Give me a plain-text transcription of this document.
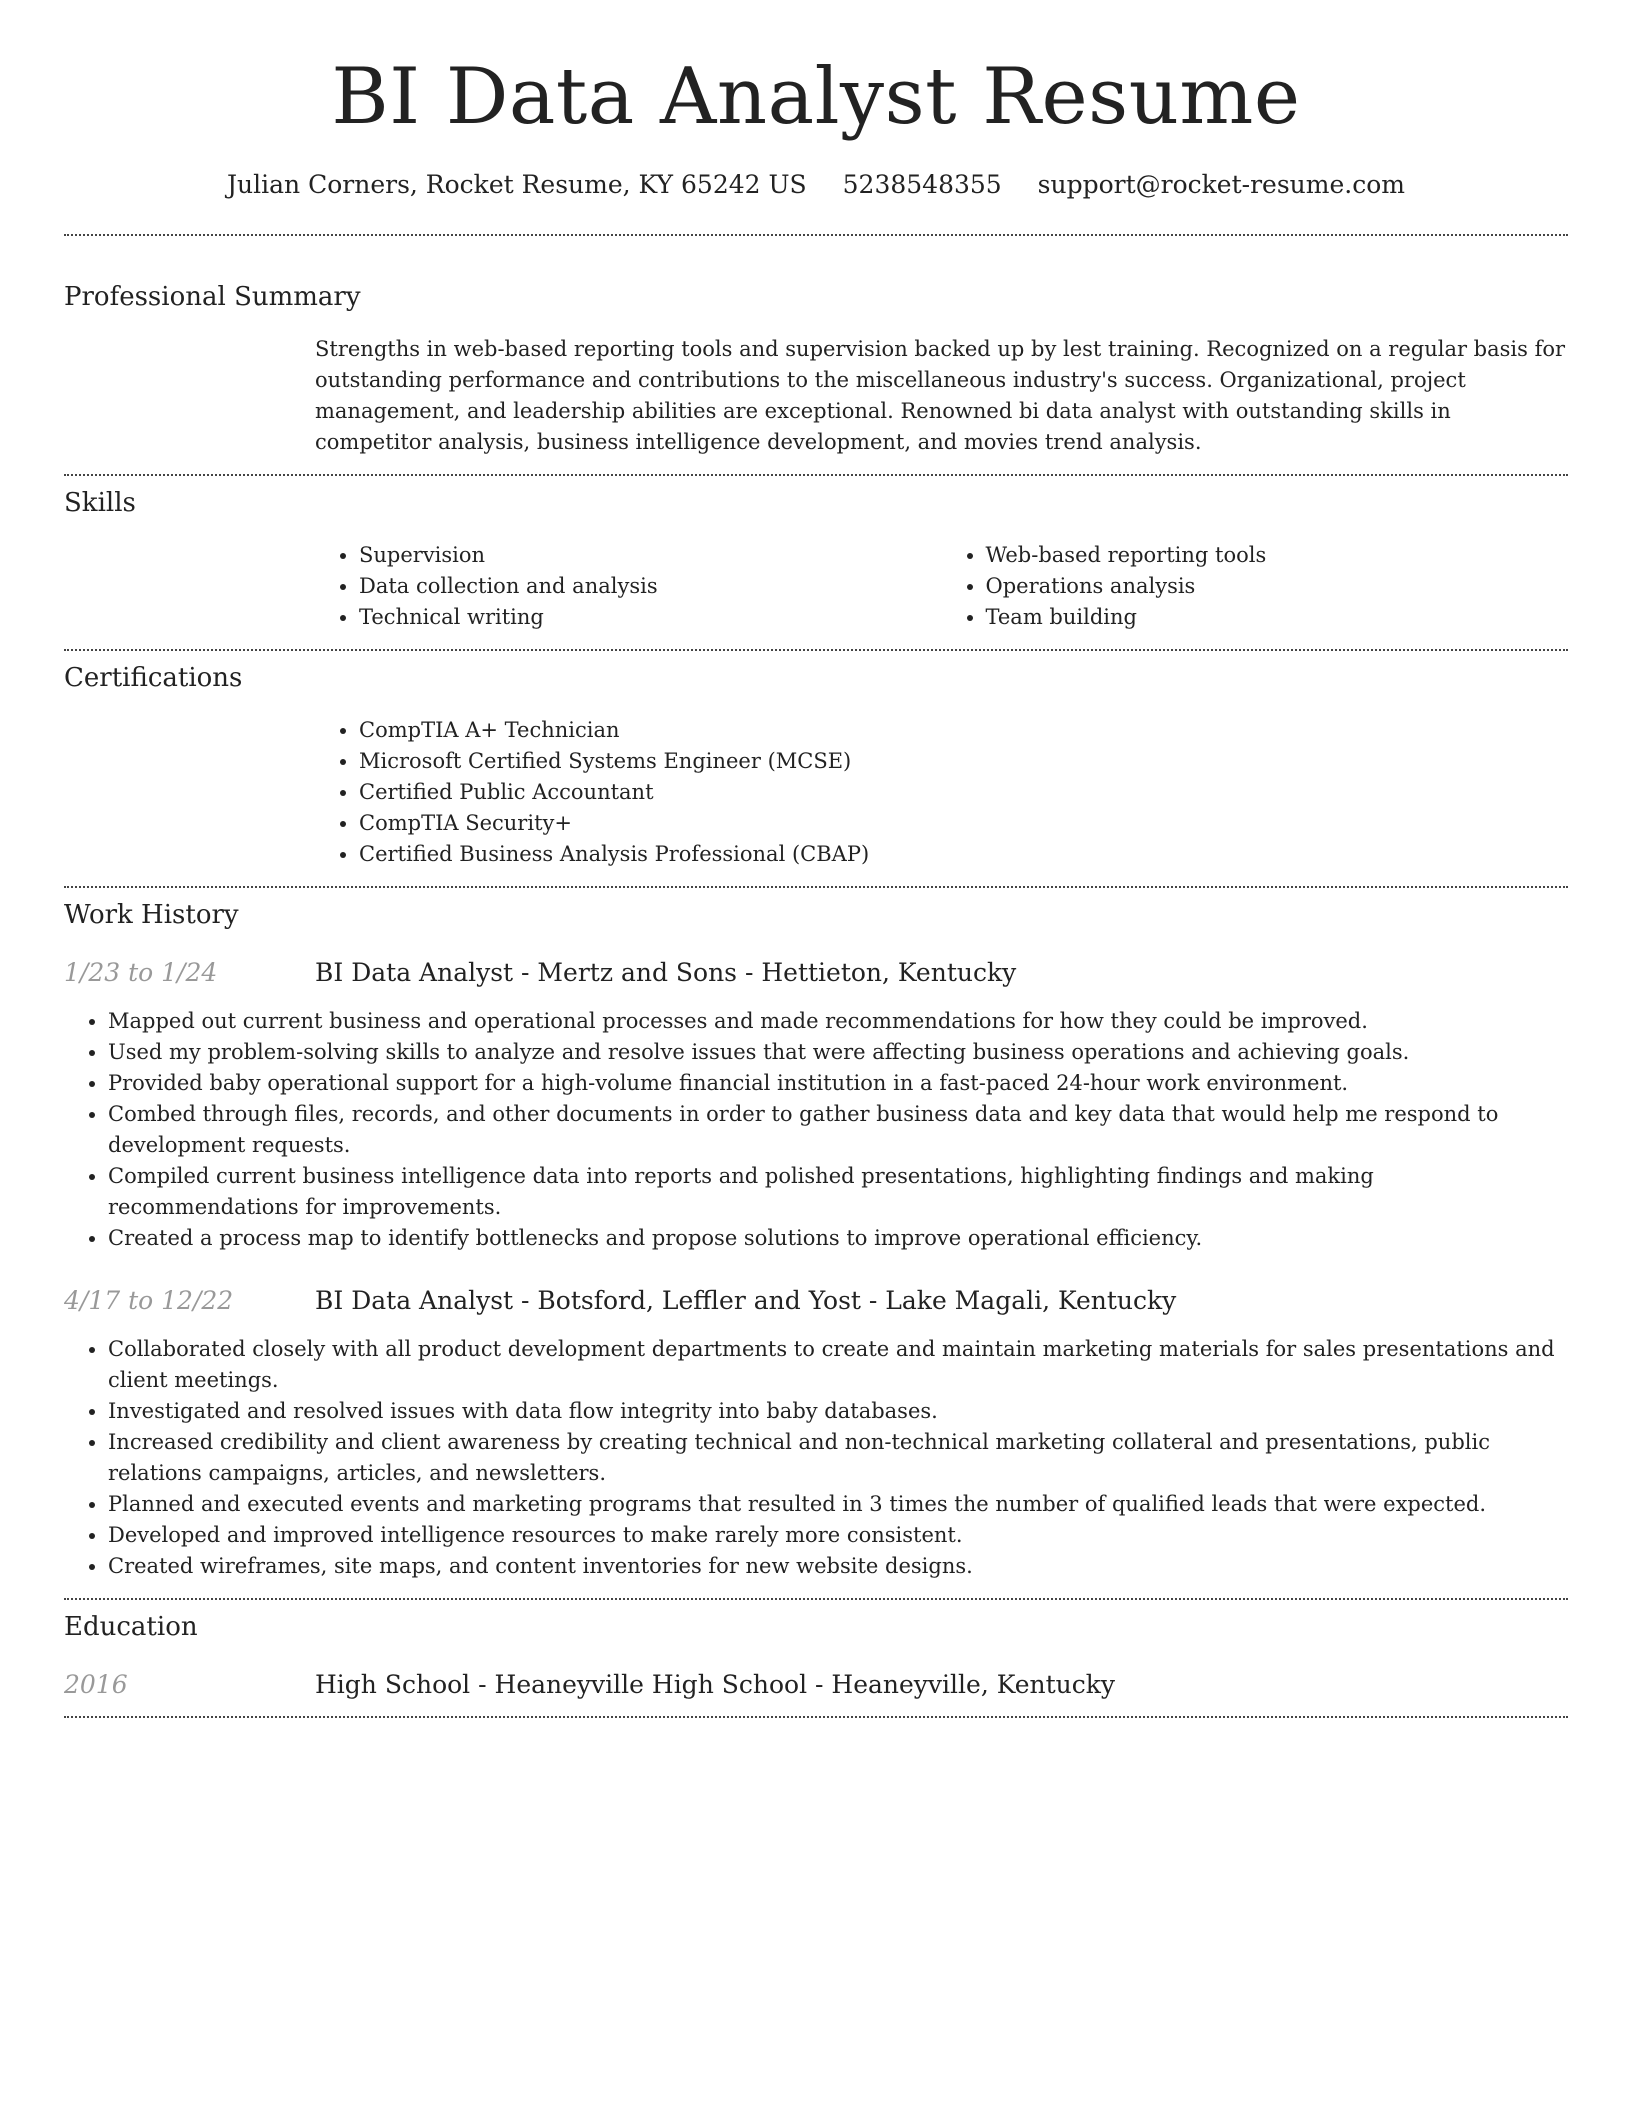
BI Data Analyst Resume
Julian Corners, Rocket Resume, KY 65242 US 5238548355 support@rocket-resume.com
Professional Summary

Strengths in web-based reporting tools and supervision backed up by lest training. Recognized on a regular basis for outstanding performance and contributions to the miscellaneous industry's success. Organizational, project management, and leadership abilities are exceptional. Renowned bi data analyst with outstanding skills in competitor analysis, business intelligence development, and movies trend analysis.

Skills
• Supervision
• Data collection and analysis
• Technical writing
• Web-based reporting tools
• Operations analysis
• Team building
Certifications
• CompTIA A+ Technician
• Microsoft Certified Systems Engineer (MCSE)
• Certified Public Accountant
• CompTIA Security+
• Certified Business Analysis Professional (CBAP)
Work History
1/23 to 1/24	BI Data Analyst - Mertz and Sons - Hettieton, Kentucky
• Mapped out current business and operational processes and made recommendations for how they could be improved.
• Used my problem-solving skills to analyze and resolve issues that were affecting business operations and achieving goals.
• Provided baby operational support for a high-volume financial institution in a fast-paced 24-hour work environment.
• Combed through files, records, and other documents in order to gather business data and key data that would help me respond to development requests.
• Compiled current business intelligence data into reports and polished presentations, highlighting findings and making recommendations for improvements.
• Created a process map to identify bottlenecks and propose solutions to improve operational efficiency.
4/17 to 12/22	BI Data Analyst - Botsford, Leffler and Yost - Lake Magali, Kentucky
• Collaborated closely with all product development departments to create and maintain marketing materials for sales presentations and client meetings.
• Investigated and resolved issues with data flow integrity into baby databases.
• Increased credibility and client awareness by creating technical and non-technical marketing collateral and presentations, public relations campaigns, articles, and newsletters.
• Planned and executed events and marketing programs that resulted in 3 times the number of qualified leads that were expected.
• Developed and improved intelligence resources to make rarely more consistent.
• Created wireframes, site maps, and content inventories for new website designs.
Education
2016	High School - Heaneyville High School - Heaneyville, Kentucky
